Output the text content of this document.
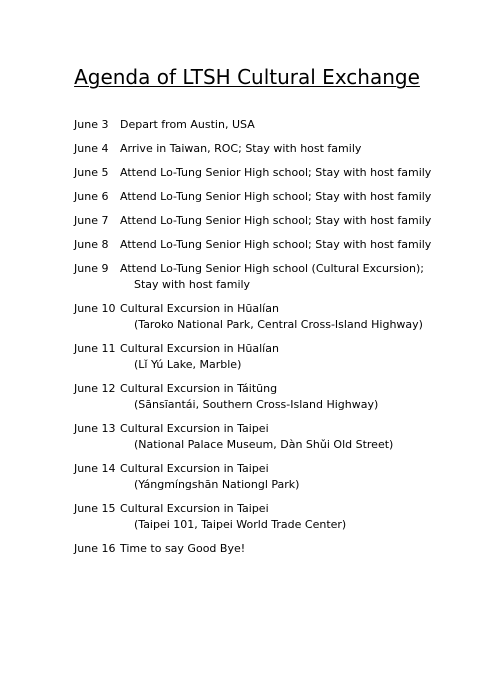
Agenda of LTSH Cultural Exchange
June 3	Depart from Austin, USA
June 4	Arrive in Taiwan, ROC; Stay with host family
June 5	Attend Lo-Tung Senior High school; Stay with host family
June 6	Attend Lo-Tung Senior High school; Stay with host family
June 7	Attend Lo-Tung Senior High school; Stay with host family
June 8	Attend Lo-Tung Senior High school; Stay with host family
June 9	Attend Lo-Tung Senior High school (Cultural Excursion);
Stay with host family
June 10 Cultural Excursion in Hūalían
(Taroko National Park, Central Cross-Island Highway)
June 11 Cultural Excursion in Hūalían
(Lǐ Yú Lake, Marble)
June 12 Cultural Excursion in Táitūng
(Sānsīantái, Southern Cross-Island Highway)
June 13 Cultural Excursion in Taipei
(National Palace Museum, Dàn Shǔi Old Street)
June 14 Cultural Excursion in Taipei
(Yángmíngshān Nationgl Park)
June 15 Cultural Excursion in Taipei
(Taipei 101, Taipei World Trade Center)
June 16 Time to say Good Bye!
